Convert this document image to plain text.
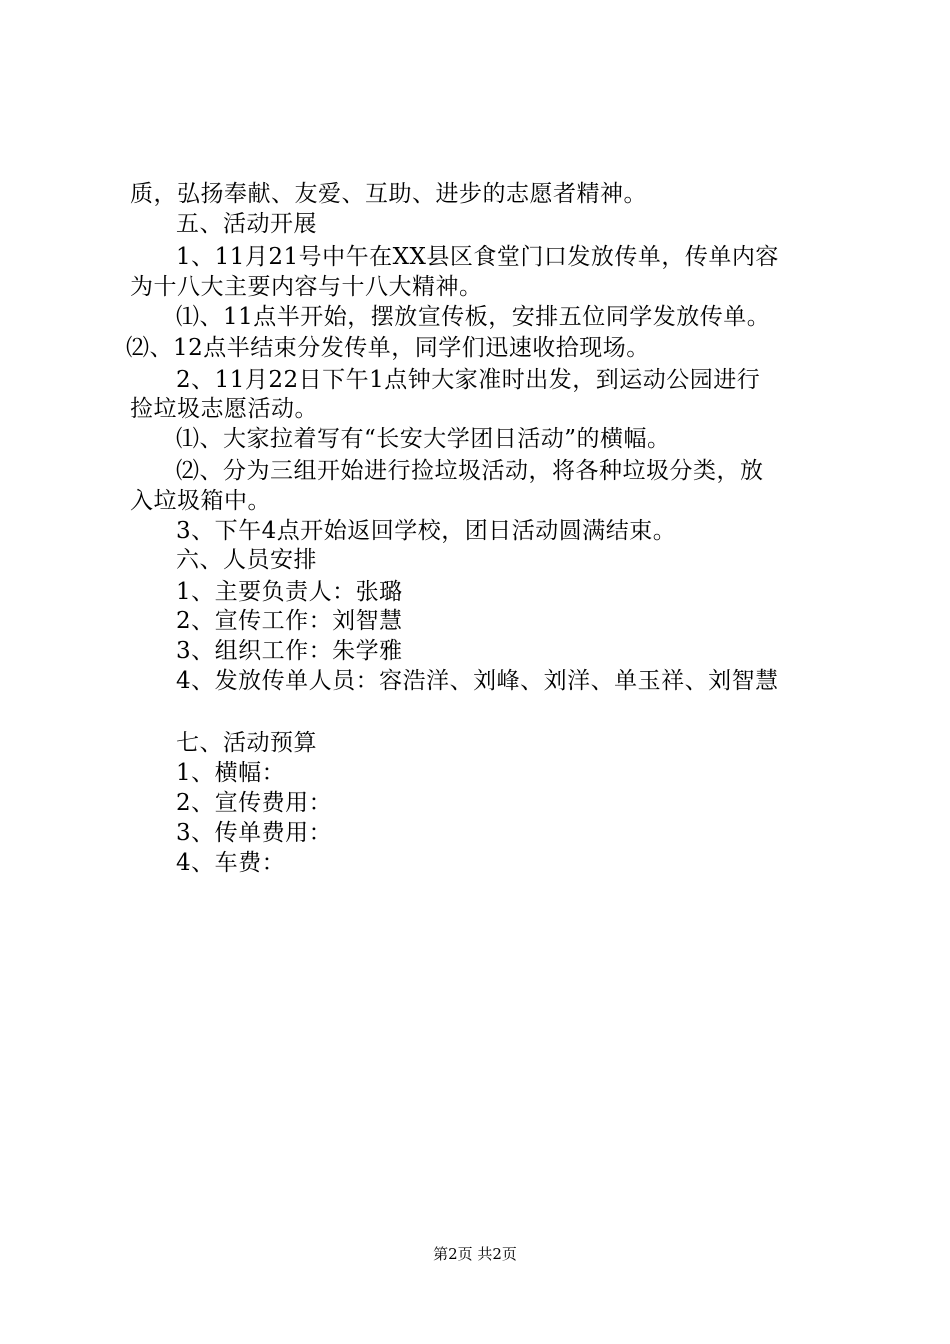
质，弘扬奉献、友爱、互助、进步的志愿者精神。
五、活动开展
1、11月21号中午在XX县区食堂门口发放传单，传单内容
为十八大主要内容与十八大精神。
⑴、11点半开始，摆放宣传板，安排五位同学发放传单。
⑵、12点半结束分发传单，同学们迅速收拾现场。
2、11月22日下午1点钟大家准时出发，到运动公园进行
捡垃圾志愿活动。
⑴、大家拉着写有“长安大学团日活动”的横幅。
⑵、分为三组开始进行捡垃圾活动，将各种垃圾分类，放
入垃圾箱中。
3、下午4点开始返回学校，团日活动圆满结束。
六、人员安排
1、主要负责人：张璐
2、宣传工作：刘智慧
3、组织工作：朱学雅
4、发放传单人员：容浩洋、刘峰、刘洋、单玉祥、刘智慧
七、活动预算
1、横幅：
2、宣传费用：
3、传单费用：
4、车费：
第2页 共2页
